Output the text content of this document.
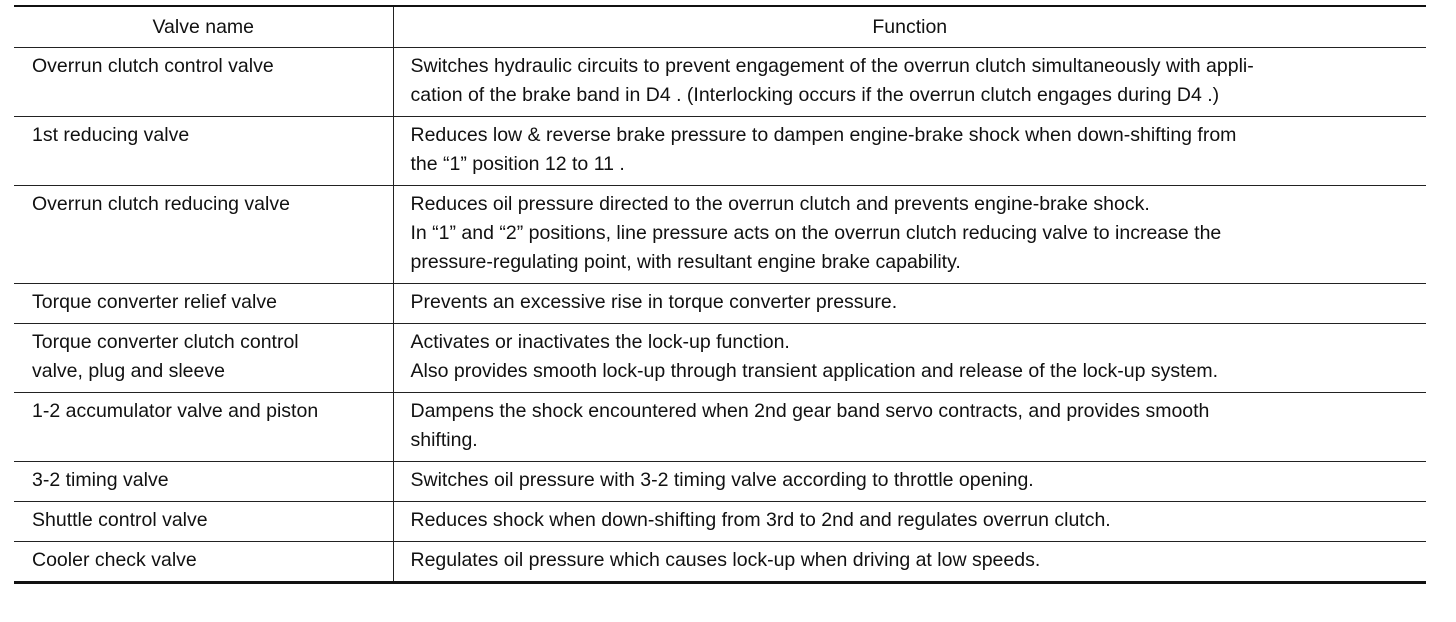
Valve name	Function

Overrun clutch control valve	Switches hydraulic circuits to prevent engagement of the overrun clutch simultaneously with appli-
cation of the brake band in D4 . (Interlocking occurs if the overrun clutch engages during D4 .)

1st reducing valve	Reduces low & reverse brake pressure to dampen engine-brake shock when down-shifting from
the “1” position 12 to 11 .

Overrun clutch reducing valve	Reduces oil pressure directed to the overrun clutch and prevents engine-brake shock.
In “1” and “2” positions, line pressure acts on the overrun clutch reducing valve to increase the
pressure-regulating point, with resultant engine brake capability.

Torque converter relief valve	Prevents an excessive rise in torque converter pressure.

Torque converter clutch control
valve, plug and sleeve	Activates or inactivates the lock-up function.
Also provides smooth lock-up through transient application and release of the lock-up system.

1-2 accumulator valve and piston	Dampens the shock encountered when 2nd gear band servo contracts, and provides smooth
shifting.

3-2 timing valve	Switches oil pressure with 3-2 timing valve according to throttle opening.

Shuttle control valve	Reduces shock when down-shifting from 3rd to 2nd and regulates overrun clutch.

Cooler check valve	Regulates oil pressure which causes lock-up when driving at low speeds.
